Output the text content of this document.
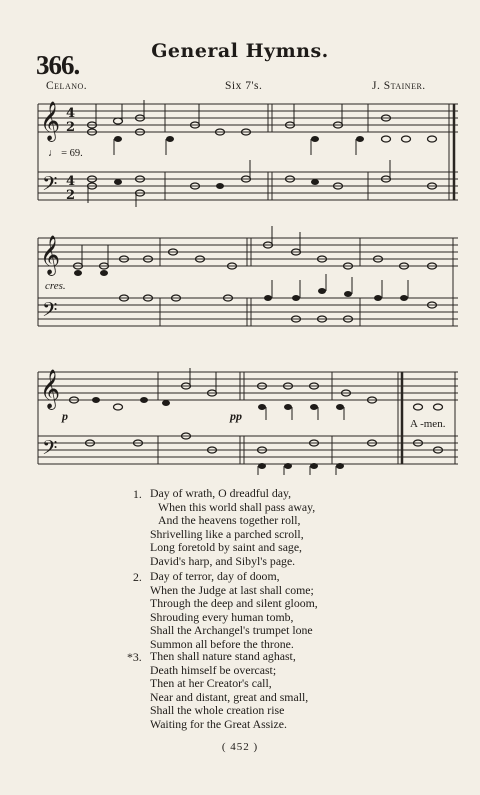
366.	General Hymns.
Celano.	Six 7's.	J. Stainer.
𝄞
𝄢
4
2
4
2
♩ = 69.
𝄞
𝄢
cres.
𝄞
𝄢
p	pp
A -men.
1. Day of wrath, O dreadful day,
When this world shall pass away,
And the heavens together roll,
Shrivelling like a parched scroll,
Long foretold by saint and sage,
David's harp, and Sibyl's page.
2. Day of terror, day of doom,
When the Judge at last shall come;
Through the deep and silent gloom,
Shrouding every human tomb,
Shall the Archangel's trumpet lone
Summon all before the throne.
*3. Then shall nature stand aghast,
Death himself be overcast;
Then at her Creator's call,
Near and distant, great and small,
Shall the whole creation rise
Waiting for the Great Assize.
( 452 )
